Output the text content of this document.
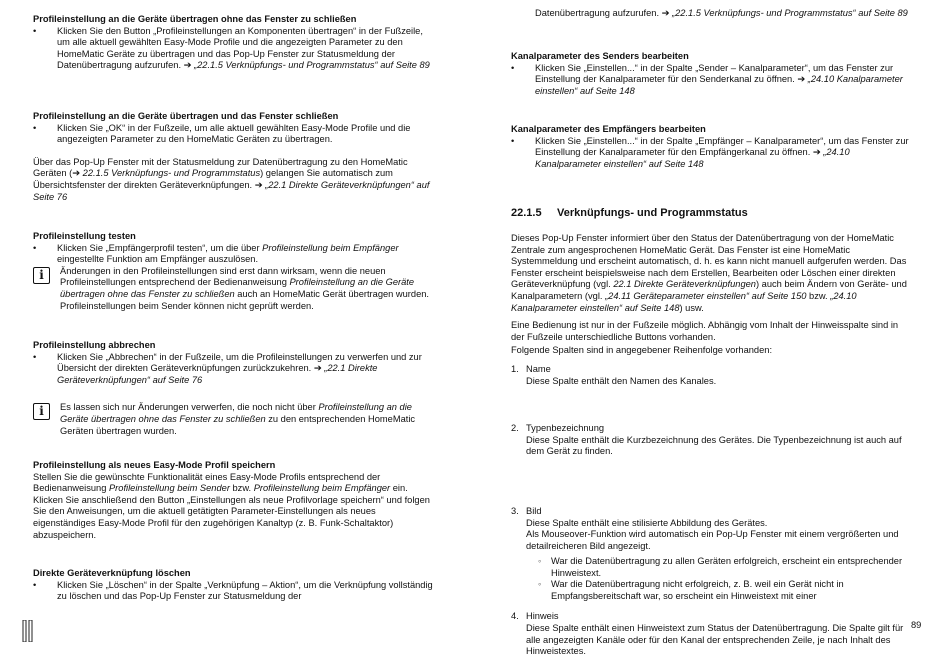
Profileinstellung an die Geräte übertragen ohne das Fenster zu schließen

• Klicken Sie den Button „Profileinstellungen an Komponenten übertragen“ in der Fußzeile, um alle aktuell gewählten Easy-Mode Profile und die angezeigten Parameter zu den HomeMatic Geräte zu übertragen und das Pop-Up Fenster zur Statusmeldung der Datenübertragung aufzurufen. ➔ „22.1.5 Verknüpfungs- und Programmstatus“ auf Seite 89

Profileinstellung an die Geräte übertragen und das Fenster schließen

• Klicken Sie „OK“ in der Fußzeile, um alle aktuell gewählten Easy-Mode Profile und die angezeigten Parameter zu den HomeMatic Geräten zu übertragen.

Über das Pop-Up Fenster mit der Statusmeldung zur Datenübertragung zu den HomeMatic Geräten (➔ 22.1.5 Verknüpfungs- und Programmstatus) gelangen Sie automatisch zum Übersichtsfenster der direkten Geräteverknüpfungen. ➔ „22.1 Direkte Geräteverknüpfungen“ auf Seite 76

Profileinstellung testen

• Klicken Sie „Empfängerprofil testen“, um die über Profileinstellung beim Empfänger eingestellte Funktion am Empfänger auszulösen.

i	Änderungen in den Profileinstellungen sind erst dann wirksam, wenn die neuen Profileinstellungen entsprechend der Bedienanweisung Profileinstellung an die Geräte übertragen ohne das Fenster zu schließen auch an HomeMatic Gerät übertragen wurden. Profileinstellungen beim Sender können nicht geprüft werden.

Profileinstellung abbrechen

• Klicken Sie „Abbrechen“ in der Fußzeile, um die Profileinstellungen zu verwerfen und zur Übersicht der direkten Geräteverknüpfungen zurückzukehren. ➔ „22.1 Direkte Geräteverknüpfungen“ auf Seite 76

i	Es lassen sich nur Änderungen verwerfen, die noch nicht über Profileinstellung an die Geräte übertragen ohne das Fenster zu schließen zu den entsprechenden HomeMatic Geräten übertragen wurden.

Profileinstellung als neues Easy-Mode Profil speichern

Stellen Sie die gewünschte Funktionalität eines Easy-Mode Profils entsprechend der Bedienanweisung Profileinstellung beim Sender bzw. Profileinstellung beim Empfänger ein. Klicken Sie anschließend den Button „Einstellungen als neue Profilvorlage speichern“ und folgen Sie den Anweisungen, um die aktuell getätigten Parameter-Einstellungen als neues eigenständiges Easy-Mode Profil für den zugehörigen Kanaltyp (z. B. Funk-Schaltaktor) abzuspeichern.

Direkte Geräteverknüpfung löschen

• Klicken Sie „Löschen“ in der Spalte „Verknüpfung – Aktion“, um die Verknüpfung vollständig zu löschen und das Pop-Up Fenster zur Statusmeldung der

Datenübertragung aufzurufen. ➔ „22.1.5 Verknüpfungs- und Programmstatus“ auf Seite 89

Kanalparameter des Senders bearbeiten

• Klicken Sie „Einstellen...“ in der Spalte „Sender – Kanalparameter“, um das Fenster zur Einstellung der Kanalparameter für den Senderkanal zu öffnen. ➔ „24.10 Kanalparameter einstellen“ auf Seite 148

Kanalparameter des Empfängers bearbeiten

• Klicken Sie „Einstellen...“ in der Spalte „Empfänger – Kanalparameter“, um das Fenster zur Einstellung der Kanalparameter für den Empfängerkanal zu öffnen. ➔ „24.10 Kanalparameter einstellen“ auf Seite 148

22.1.5 Verknüpfungs- und Programmstatus

Dieses Pop-Up Fenster informiert über den Status der Datenübertragung von der HomeMatic Zentrale zum angesprochenen HomeMatic Gerät. Das Fenster ist eine HomeMatic Systemmeldung und erscheint automatisch, d. h. es kann nicht manuell aufgerufen werden. Das Fenster erscheint beispielsweise nach dem Erstellen, Bearbeiten oder Löschen einer direkten Geräteverknüpfung (vgl. 22.1 Direkte Geräteverknüpfungen) auch beim Ändern von Geräte- und Kanalparametern (vgl. „24.11 Geräteparameter einstellen“ auf Seite 150 bzw. „24.10 Kanalparameter einstellen“ auf Seite 148) usw.

Eine Bedienung ist nur in der Fußzeile möglich. Abhängig vom Inhalt der Hinweisspalte sind in der Fußzeile unterschiedliche Buttons vorhanden.

Folgende Spalten sind in angegebener Reihenfolge vorhanden:

1. Name

Diese Spalte enthält den Namen des Kanales.

2. Typenbezeichnung

Diese Spalte enthält die Kurzbezeichnung des Gerätes. Die Typenbezeichnung ist auch auf dem Gerät zu finden.

3. Bild

Diese Spalte enthält eine stilisierte Abbildung des Gerätes.

Als Mouseover-Funktion wird automatisch ein Pop-Up Fenster mit einem vergrößerten und detailreicheren Bild angezeigt.

4. Hinweis

Diese Spalte enthält einen Hinweistext zum Status der Datenübertragung. Die Spalte gilt für alle angezeigten Kanäle oder für den Kanal der entsprechenden Zeile, je nach Inhalt des Hinweistextes.

◦ War die Datenübertragung zu allen Geräten erfolgreich, erscheint ein entsprechender Hinweistext.

◦ War die Datenübertragung nicht erfolgreich, z. B. weil ein Gerät nicht in Empfangsbereitschaft war, so erscheint ein Hinweistext mit einer

89
